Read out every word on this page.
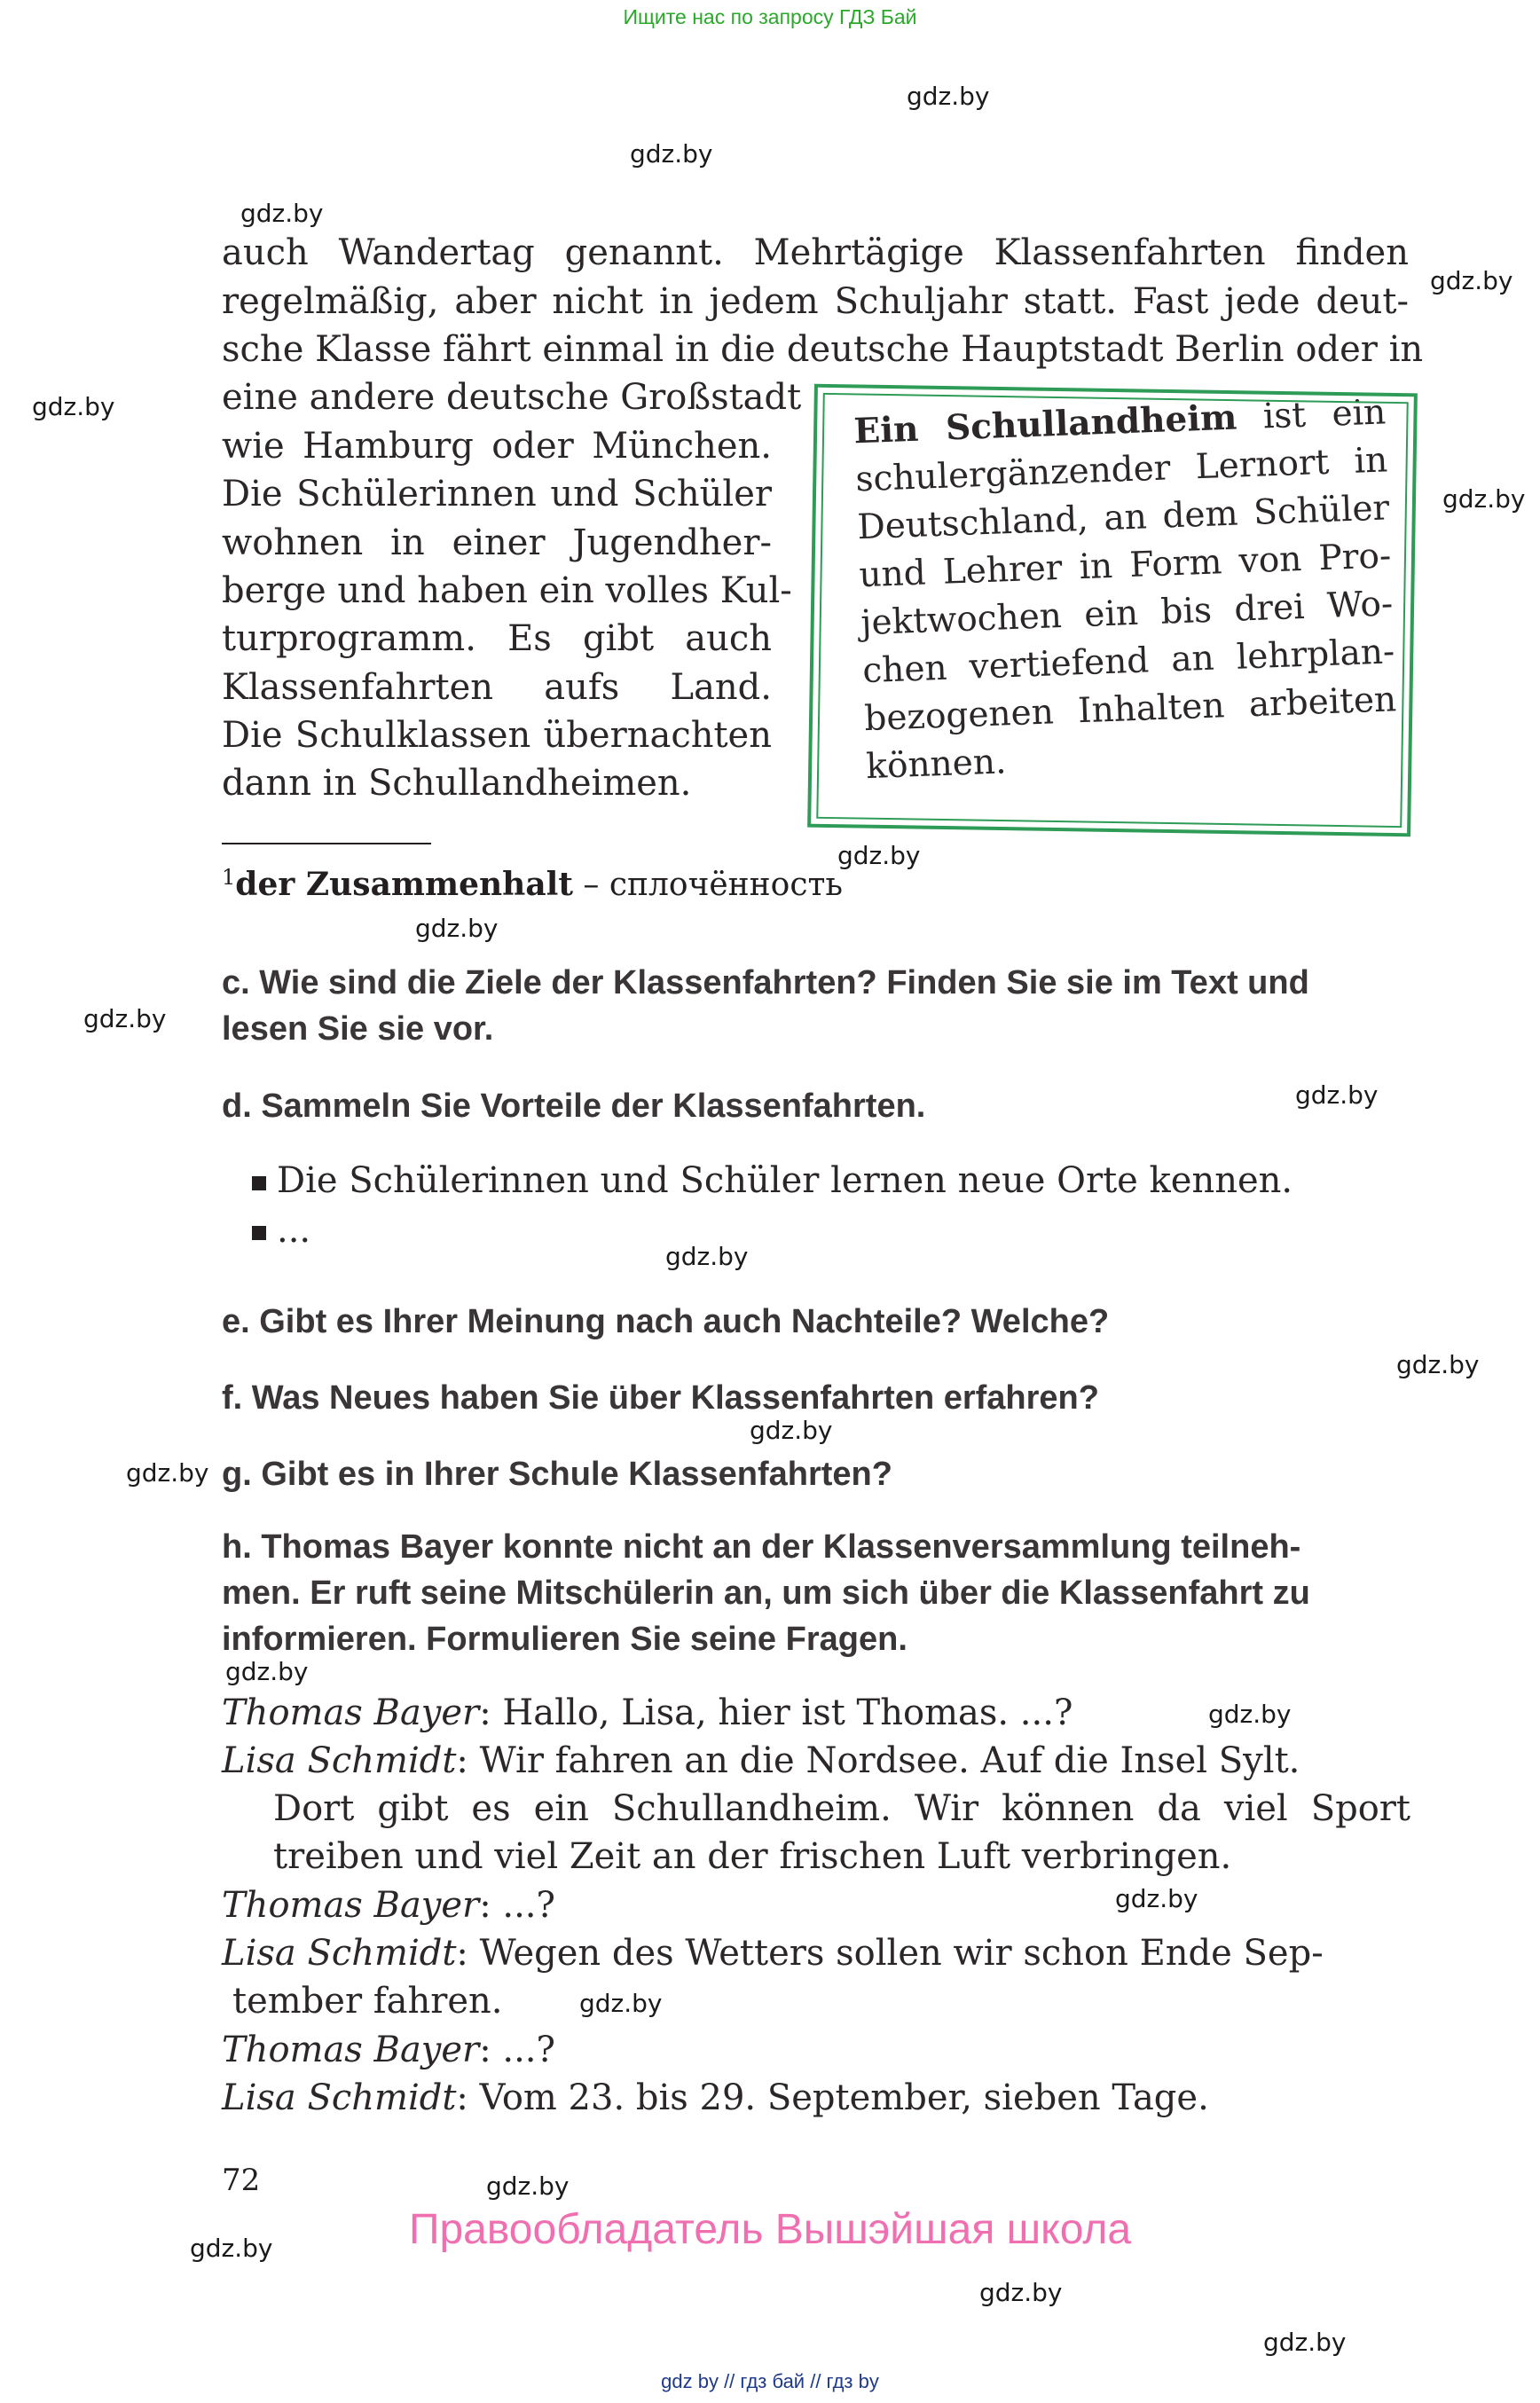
Ищите нас по запросу ГДЗ Бай
auch Wandertag genannt. Mehrtägige Klassenfahrten finden
regelmäßig, aber nicht in jedem Schuljahr statt. Fast jede deut-
sche Klasse fährt einmal in die deutsche Hauptstadt Berlin oder in
eine andere deutsche Großstadt
wie Hamburg oder München.
Die Schülerinnen und Schüler
wohnen in einer Jugendher-
berge und haben ein volles Kul-
turprogramm. Es gibt auch
Klassenfahrten aufs Land.
Die Schulklassen übernachten
dann in Schullandheimen.
Ein Schullandheim ist ein
schulergänzender Lernort in
Deutschland, an dem Schüler
und Lehrer in Form von Pro-
jektwochen ein bis drei Wo-
chen vertiefend an lehrplan-
bezogenen Inhalten arbeiten
können.
$^1$der Zusammenhalt – сплочённость
c. Wie sind die Ziele der Klassenfahrten? Finden Sie sie im Text und
lesen Sie sie vor.
d. Sammeln Sie Vorteile der Klassenfahrten.
Die Schülerinnen und Schüler lernen neue Orte kennen.
...
e. Gibt es Ihrer Meinung nach auch Nachteile? Welche?
f. Was Neues haben Sie über Klassenfahrten erfahren?
g. Gibt es in Ihrer Schule Klassenfahrten?
h. Thomas Bayer konnte nicht an der Klassenversammlung teilneh-
men. Er ruft seine Mitschülerin an, um sich über die Klassenfahrt zu
informieren. Formulieren Sie seine Fragen.
Thomas Bayer: Hallo, Lisa, hier ist Thomas. ...?
Lisa Schmidt: Wir fahren an die Nordsee. Auf die Insel Sylt.
Dort gibt es ein Schullandheim. Wir können da viel Sport
treiben und viel Zeit an der frischen Luft verbringen.
Thomas Bayer: ...?
Lisa Schmidt: Wegen des Wetters sollen wir schon Ende Sep-
tember fahren.
Thomas Bayer: ...?
Lisa Schmidt: Vom 23. bis 29. September, sieben Tage.
72
Правообладатель Вышэйшая школа
gdz by // гдз бай // гдз by
gdz.by
gdz.by
gdz.by
gdz.by
gdz.by
gdz.by
gdz.by
gdz.by
gdz.by
gdz.by
gdz.by
gdz.by
gdz.by
gdz.by
gdz.by
gdz.by
gdz.by
gdz.by
gdz.by
gdz.by
gdz.by
gdz.by
